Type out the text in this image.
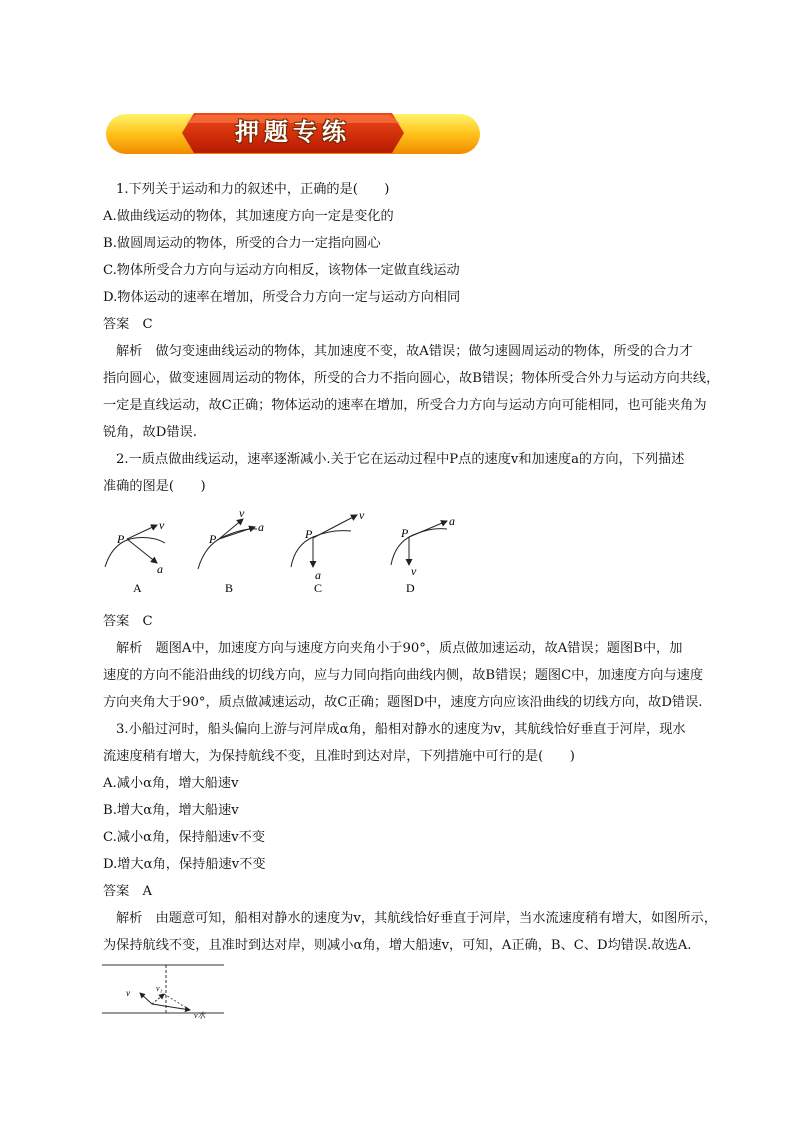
押题专练
1.下列关于运动和力的叙述中，正确的是(　　)
A.做曲线运动的物体，其加速度方向一定是变化的
B.做圆周运动的物体，所受的合力一定指向圆心
C.物体所受合力方向与运动方向相反，该物体一定做直线运动
D.物体运动的速率在增加，所受合力方向一定与运动方向相同
答案　C
解析　做匀变速曲线运动的物体，其加速度不变，故A错误；做匀速圆周运动的物体，所受的合力才
指向圆心，做变速圆周运动的物体，所受的合力不指向圆心，故B错误；物体所受合外力与运动方向共线，
一定是直线运动，故C正确；物体运动的速率在增加，所受合力方向与运动方向可能相同，也可能夹角为
锐角，故D错误.
2.一质点做曲线运动，速率逐渐减小.关于它在运动过程中P点的速度v和加速度a的方向，下列描述
准确的图是(　　)
P
v
a
A
P
v
a
B
P
v
a
C
P
a
v
D
答案　C
解析　题图A中，加速度方向与速度方向夹角小于90°，质点做加速运动，故A错误；题图B中，加
速度的方向不能沿曲线的切线方向，应与力同向指向曲线内侧，故B错误；题图C中，加速度方向与速度
方向夹角大于90°，质点做减速运动，故C正确；题图D中，速度方向应该沿曲线的切线方向，故D错误.
3.小船过河时，船头偏向上游与河岸成α角，船相对静水的速度为v，其航线恰好垂直于河岸，现水
流速度稍有增大，为保持航线不变，且准时到达对岸，下列措施中可行的是(　　)
A.减小α角，增大船速v
B.增大α角，增大船速v
C.减小α角，保持船速v不变
D.增大α角，保持船速v不变
答案　A
解析　由题意可知，船相对静水的速度为v，其航线恰好垂直于河岸，当水流速度稍有增大，如图所示，
为保持航线不变，且准时到达对岸，则减小α角，增大船速v，可知，A正确，B、C、D均错误.故选A.
v	v₁
v水
